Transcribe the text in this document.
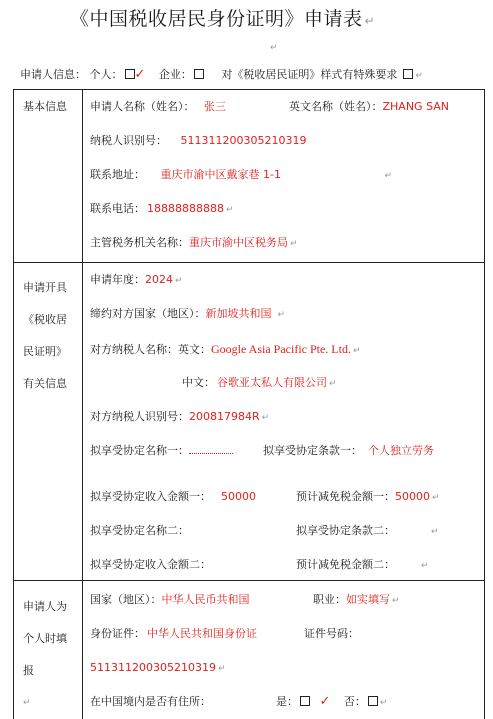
《中国税收居民身份证明》申请表 ↵
↵
申请人信息： 个人： ✓ 企业：	对《税收居民证明》样式有特殊要求 ↵
基本信息 申请人名称（姓名）： 张三	英文名称（姓名）：ZHANG SAN
纳税人识别号： 511311200305210319
联系地址： 重庆市渝中区戴家巷 1-1	↵
联系电话： 18888888888 ↵
主管税务机关名称：重庆市渝中区税务局 ↵
申请开具
《税收居
民证明》
有关信息
申请年度：2024 ↵
缔约对方国家（地区）：新加坡共和国 ↵
对方纳税人名称：英文：Google Asia Pacific Pte. Ltd. ↵
中文： 谷歌亚太私人有限公司 ↵
对方纳税人识别号：200817984R ↵
拟享受协定名称一：	拟享受协定条款一： 个人独立劳务
拟享受协定收入金额一： 50000	预计减免税金额一：50000 ↵
拟享受协定名称二：	拟享受协定条款二：	↵
拟享受协定收入金额二：	预计减免税金额二：	↵
申请人为
个人时填
报
↵
国家（地区）：中华人民币共和国	职业：如实填写 ↵
身份证件： 中华人民共和国身份证	证件号码：
511311200305210319 ↵
在中国境内是否有住所：	是： ✓ 否： ↵
